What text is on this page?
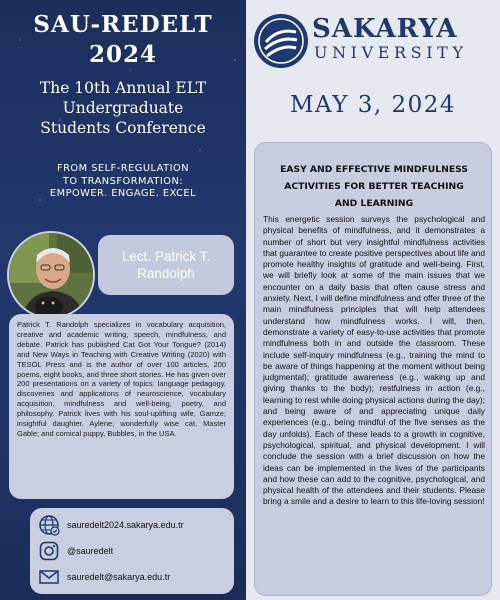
SAU-REDELT
2024
The 10th Annual ELT
Undergraduate
Students Conference
FROM SELF-REGULATION
TO TRANSFORMATION:
EMPOWER. ENGAGE. EXCEL
Lect. Patrick T.
Randolph

Patrick T. Randolph specializes in vocabulary acquisition, creative and academic writing, speech, mindfulness, and debate. Patrick has published Cat Got Your Tongue? (2014) and New Ways in Teaching with Creative Writing (2020) with TESOL Press and is the author of over 100 articles, 200 poems, eight books, and three short stories. He has given over 200 presentations on a variety of topics: language pedagogy, discoveries and applications of neuroscience, vocabulary acquisition, mindfulness and well-being, poetry, and philosophy. Patrick lives with his soul-uplifting wife, Gamze; insightful daughter, Aylene; wonderfully wise cat, Master Gable; and comical puppy, Bubbles, in the USA.

sauredelt2024.sakarya.edu.tr
@sauredelt
sauredelt@sakarya.edu.tr
SAKARYA
UNIVERSITY
MAY 3, 2024
EASY AND EFFECTIVE MINDFULNESS
ACTIVITIES FOR BETTER TEACHING
AND LEARNING

This energetic session surveys the psychological and physical benefits of mindfulness, and it demonstrates a number of short but very insightful mindfulness activities that guarantee to create positive perspectives about life and promote healthy insights of gratitude and well-being. First, we will briefly look at some of the main issues that we encounter on a daily basis that often cause stress and anxiety. Next, I will define mindfulness and offer three of the main mindfulness principles that will help attendees understand how mindfulness works. I will, then, demonstrate a variety of easy-to-use activities that promote mindfulness both in and outside the classroom. These include self-inquiry mindfulness (e.g., training the mind to be aware of things happening at the moment without being judgmental); gratitude awareness (e.g., waking up and giving thanks to the body); restfulness in action (e.g., learning to rest while doing physical actions during the day); and being aware of and appreciating unique daily experiences (e.g., being mindful of the five senses as the day unfolds). Each of these leads to a growth in cognitive, psychological, spiritual, and physical development. I will conclude the session with a brief discussion on how the ideas can be implemented in the lives of the participants and how these can add to the cognitive, psychological, and physical health of the attendees and their students. Please bring a smile and a desire to learn to this life-loving session!
